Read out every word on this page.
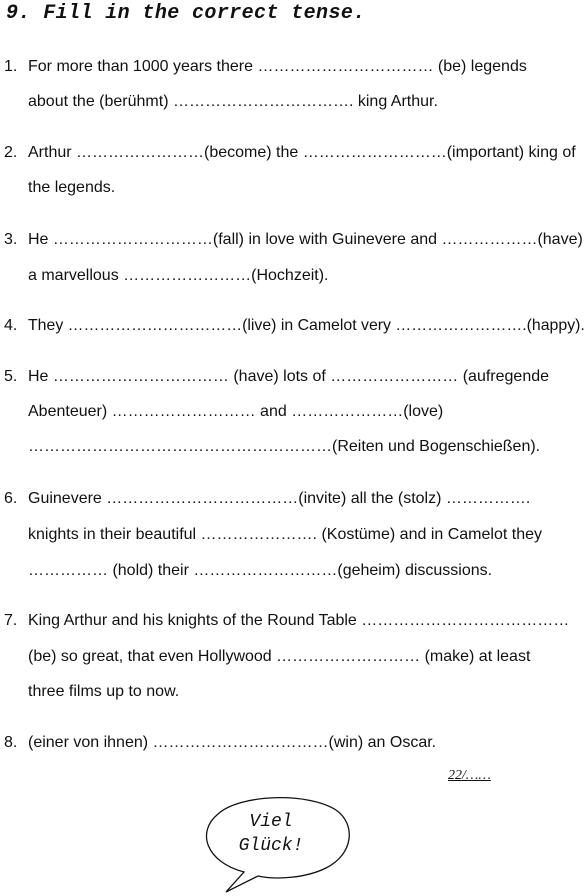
9. Fill in the correct tense.
1. For more than 1000 years there …………………………… (be) legends
about the (berühmt) ……………………………. king Arthur.
2. Arthur ……………………(become) the ………………………(important) king of
the legends.
3. He …………………………(fall) in love with Guinevere and ………………(have)
a marvellous ……………………(Hochzeit).
4. They ……………………………(live) in Camelot very …………………….(happy).
5. He …………………………… (have) lots of …………………… (aufregende
Abenteuer) ……………………… and …………………(love)
…………………………………………………(Reiten und Bogenschießen).
6. Guinevere ………………………………(invite) all the (stolz) …………….
knights in their beautiful …………………. (Kostüme) and in Camelot they
…………… (hold) their ………………………(geheim) discussions.
7. King Arthur and his knights of the Round Table …………………………………
(be) so great, that even Hollywood ……………………… (make) at least
three films up to now.
8. (einer von ihnen) ……………………………(win) an Oscar.
22/……
Viel
Glück!
